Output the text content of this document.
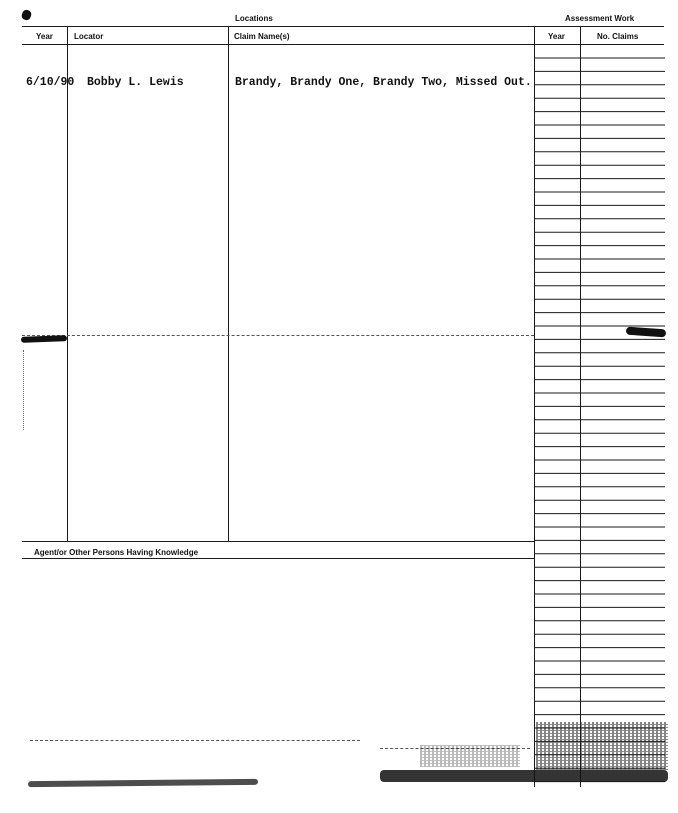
Locations	Assessment Work
Year	Locator	Claim Name(s)	Year	No. Claims
6/10/90 Bobby L. Lewis	Brandy, Brandy One, Brandy Two, Missed Out.
Agent/or Other Persons Having Knowledge
